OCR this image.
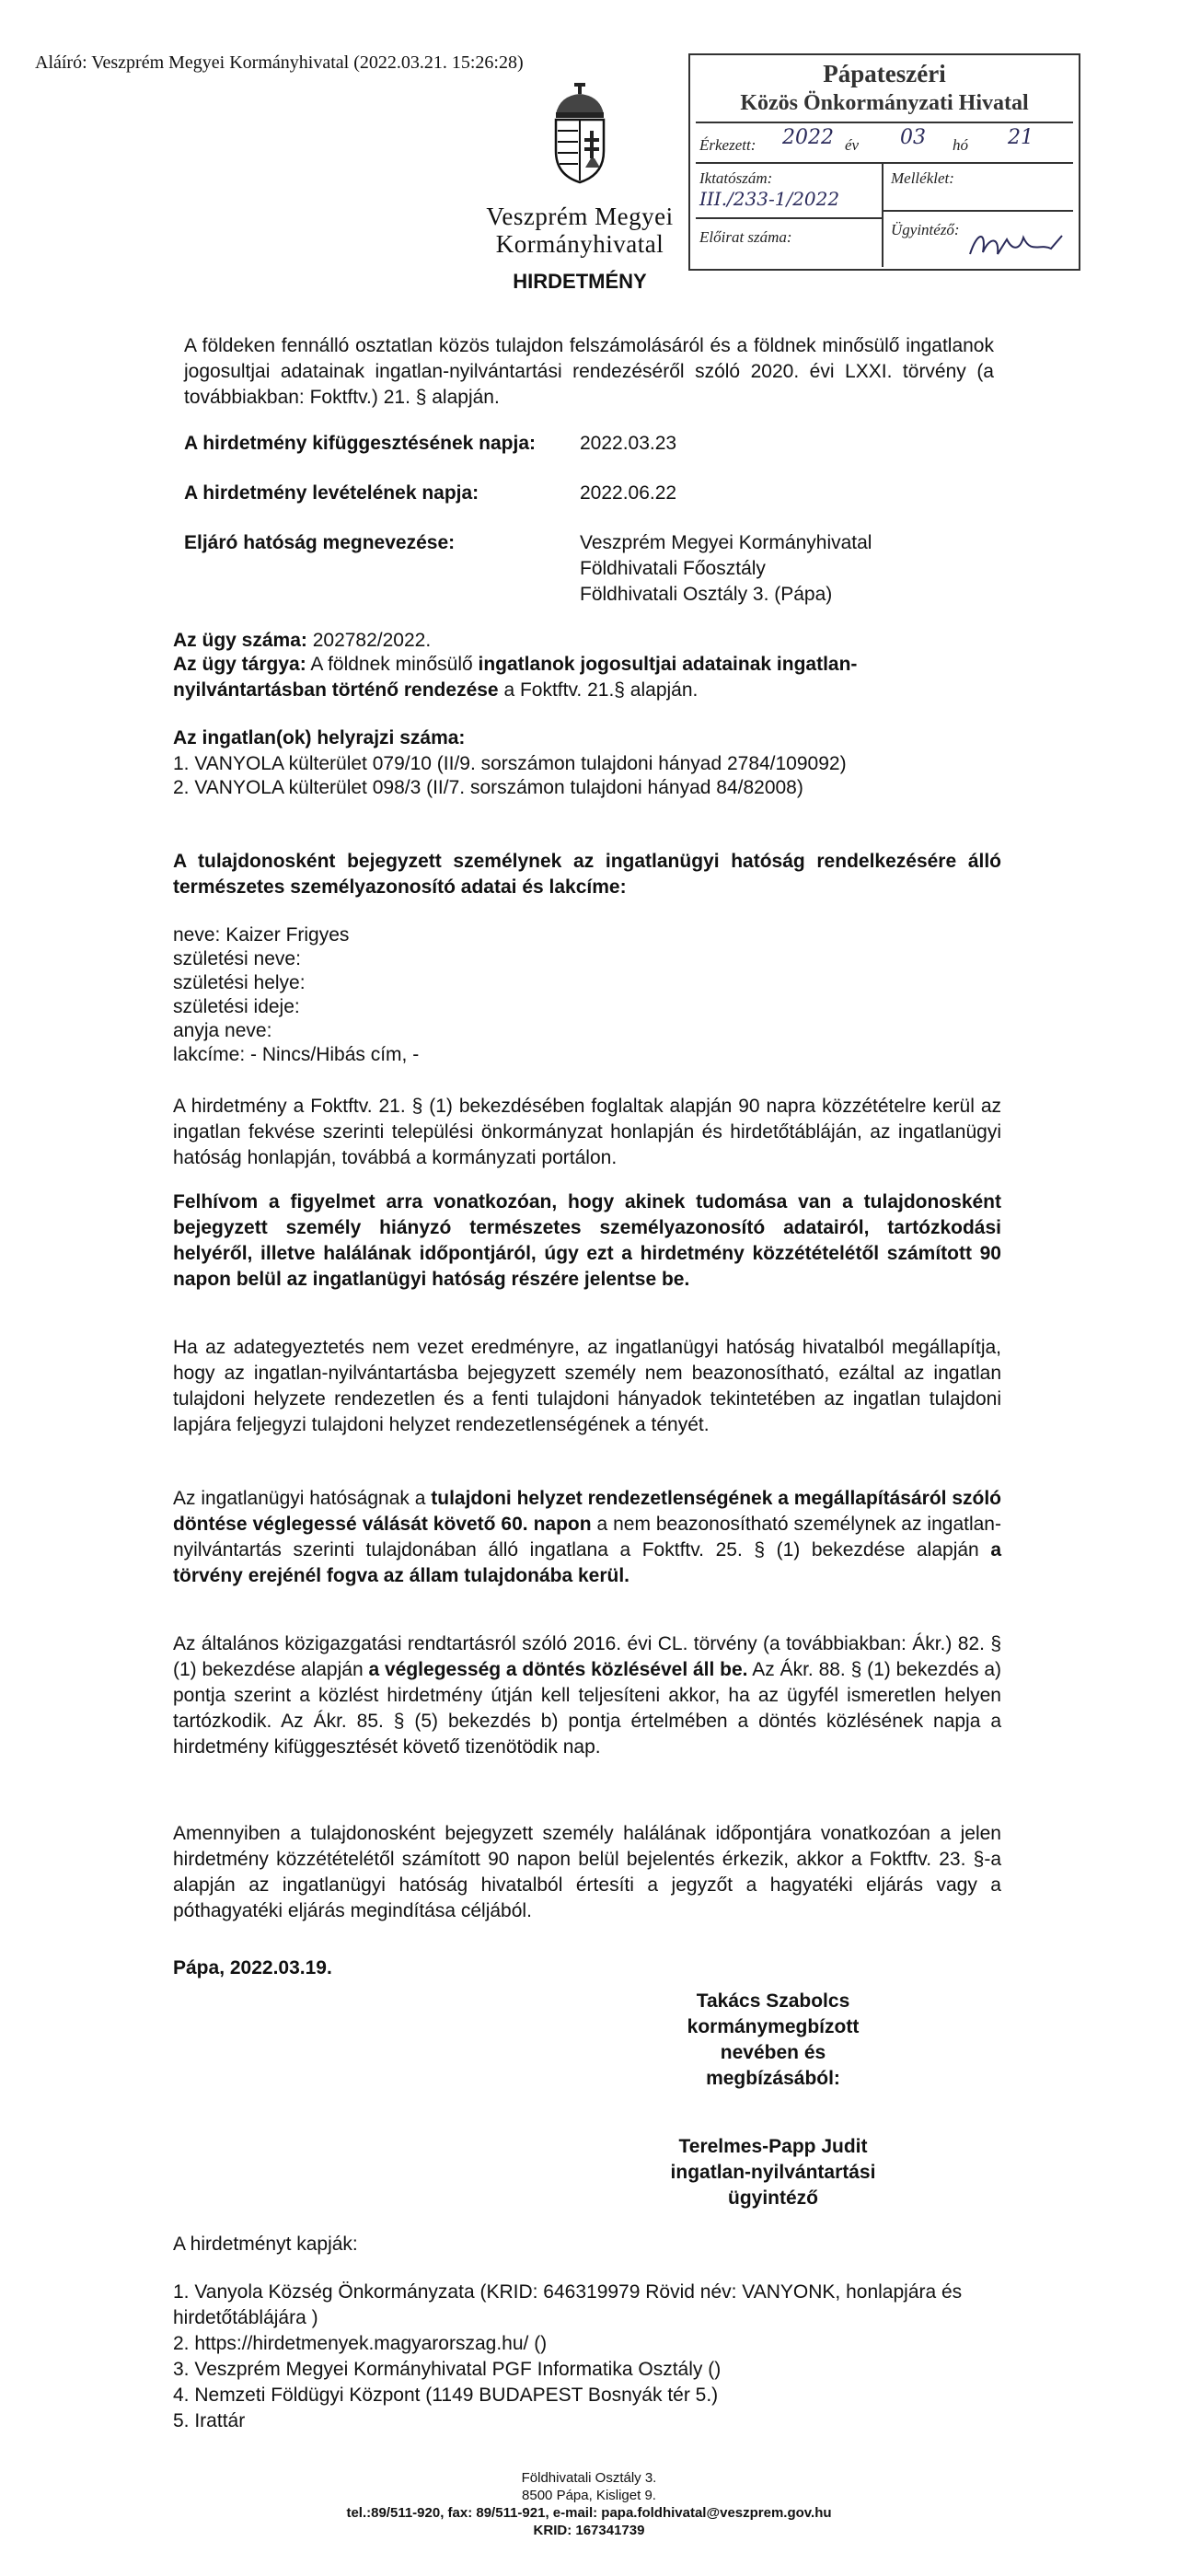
Aláíró: Veszprém Megyei Kormányhivatal (2022.03.21. 15:26:28)	Pápateszéri
Közös Önkormányzati Hivatal
Érkezett: 2022 év 03 hó 21
Iktatószám:	Melléklet:
III./233-1/2022
Ügyintéző:
Előirat száma:
Veszprém Megyei
Kormányhivatal
HIRDETMÉNY
A földeken fennálló osztatlan közös tulajdon felszámolásáról és a földnek minősülő ingatlanok jogosultjai adatainak ingatlan-nyilvántartási rendezéséről szóló 2020. évi LXXI. törvény (a továbbiakban: Foktftv.) 21. § alapján.
A hirdetmény kifüggesztésének napja: 2022.03.23
A hirdetmény levételének napja:	2022.06.22
Eljáró hatóság megnevezése:	Veszprém Megyei Kormányhivatal
Földhivatali Főosztály
Földhivatali Osztály 3. (Pápa)
Az ügy száma: 202782/2022.
Az ügy tárgya: A földnek minősülő ingatlanok jogosultjai adatainak ingatlan-nyilvántartásban történő rendezése a Foktftv. 21.§ alapján.
Az ingatlan(ok) helyrajzi száma:
1. VANYOLA külterület 079/10 (II/9. sorszámon tulajdoni hányad 2784/109092)
2. VANYOLA külterület 098/3 (II/7. sorszámon tulajdoni hányad 84/82008)
A tulajdonosként bejegyzett személynek az ingatlanügyi hatóság rendelkezésére álló természetes személyazonosító adatai és lakcíme:
neve: Kaizer Frigyes
születési neve:
születési helye:
születési ideje:
anyja neve:
lakcíme: - Nincs/Hibás cím, -
A hirdetmény a Foktftv. 21. § (1) bekezdésében foglaltak alapján 90 napra közzétételre kerül az ingatlan fekvése szerinti települési önkormányzat honlapján és hirdetőtábláján, az ingatlanügyi hatóság honlapján, továbbá a kormányzati portálon.
Felhívom a figyelmet arra vonatkozóan, hogy akinek tudomása van a tulajdonosként bejegyzett személy hiányzó természetes személyazonosító adatairól, tartózkodási helyéről, illetve halálának időpontjáról, úgy ezt a hirdetmény közzétételétől számított 90 napon belül az ingatlanügyi hatóság részére jelentse be.
Ha az adategyeztetés nem vezet eredményre, az ingatlanügyi hatóság hivatalból megállapítja, hogy az ingatlan-nyilvántartásba bejegyzett személy nem beazonosítható, ezáltal az ingatlan tulajdoni helyzete rendezetlen és a fenti tulajdoni hányadok tekintetében az ingatlan tulajdoni lapjára feljegyzi tulajdoni helyzet rendezetlenségének a tényét.
Az ingatlanügyi hatóságnak a tulajdoni helyzet rendezetlenségének a megállapításáról szóló döntése véglegessé válását követő 60. napon a nem beazonosítható személynek az ingatlan- nyilvántartás szerinti tulajdonában álló ingatlana a Foktftv. 25. § (1) bekezdése alapján a törvény erejénél fogva az állam tulajdonába kerül.
Az általános közigazgatási rendtartásról szóló 2016. évi CL. törvény (a továbbiakban: Ákr.) 82. § (1) bekezdése alapján a véglegesség a döntés közlésével áll be. Az Ákr. 88. § (1) bekezdés a) pontja szerint a közlést hirdetmény útján kell teljesíteni akkor, ha az ügyfél ismeretlen helyen tartózkodik. Az Ákr. 85. § (5) bekezdés b) pontja értelmében a döntés közlésének napja a hirdetmény kifüggesztését követő tizenötödik nap.
Amennyiben a tulajdonosként bejegyzett személy halálának időpontjára vonatkozóan a jelen hirdetmény közzétételétől számított 90 napon belül bejelentés érkezik, akkor a Foktftv. 23. §-a alapján az ingatlanügyi hatóság hivatalból értesíti a jegyzőt a hagyatéki eljárás vagy a póthagyatéki eljárás megindítása céljából.
Pápa, 2022.03.19.
Takács Szabolcs
kormánymegbízott
nevében és
megbízásából:
Terelmes-Papp Judit
ingatlan-nyilvántartási
ügyintéző
A hirdetményt kapják:
1. Vanyola Község Önkormányzata (KRID: 646319979 Rövid név: VANYONK, honlapjára és hirdetőtáblájára )
2. https://hirdetmenyek.magyarorszag.hu/ ()
3. Veszprém Megyei Kormányhivatal PGF Informatika Osztály ()
4. Nemzeti Földügyi Központ (1149 BUDAPEST Bosnyák tér 5.)
5. Irattár
Földhivatali Osztály 3.
8500 Pápa, Kisliget 9.
tel.:89/511-920, fax: 89/511-921, e-mail: papa.foldhivatal@veszprem.gov.hu
KRID: 167341739
